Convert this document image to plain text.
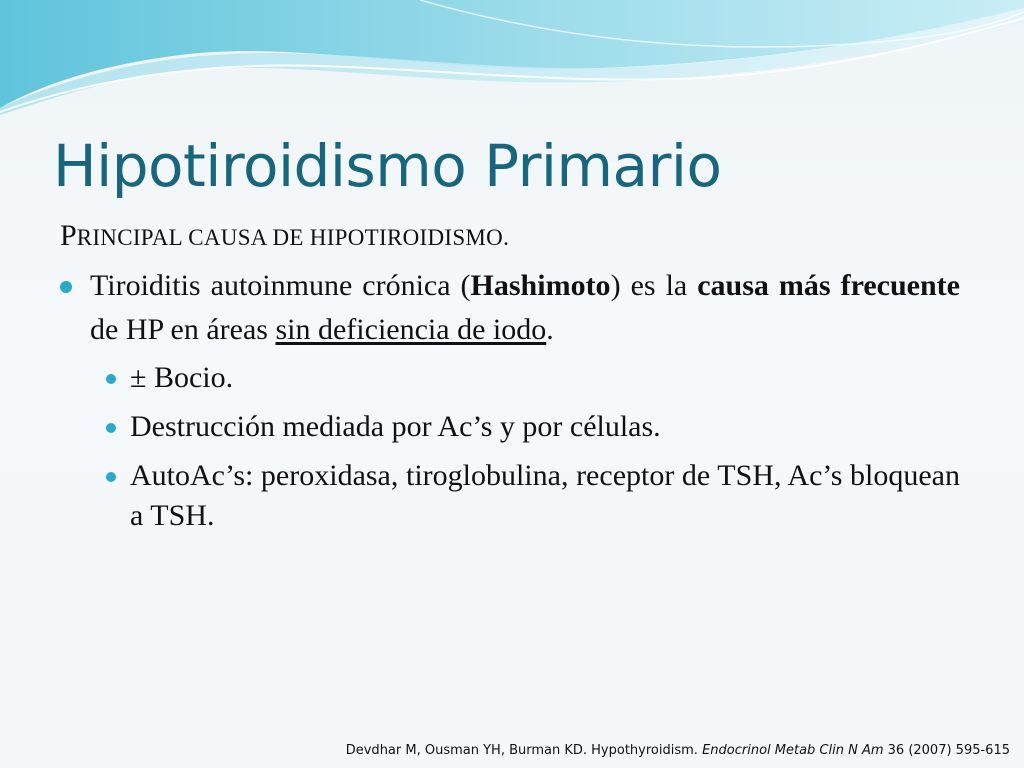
Hipotiroidismo Primario

PRINCIPAL CAUSA DE HIPOTIROIDISMO.

Tiroiditis autoinmune crónica (Hashimoto) es la causa más frecuente de HP en áreas sin deficiencia de iodo.

± Bocio.

Destrucción mediada por Ac’s y por células.

AutoAc’s: peroxidasa, tiroglobulina, receptor de TSH, Ac’s bloquean a TSH.

Devdhar M, Ousman YH, Burman KD. Hypothyroidism. Endocrinol Metab Clin N Am 36 (2007) 595-615
